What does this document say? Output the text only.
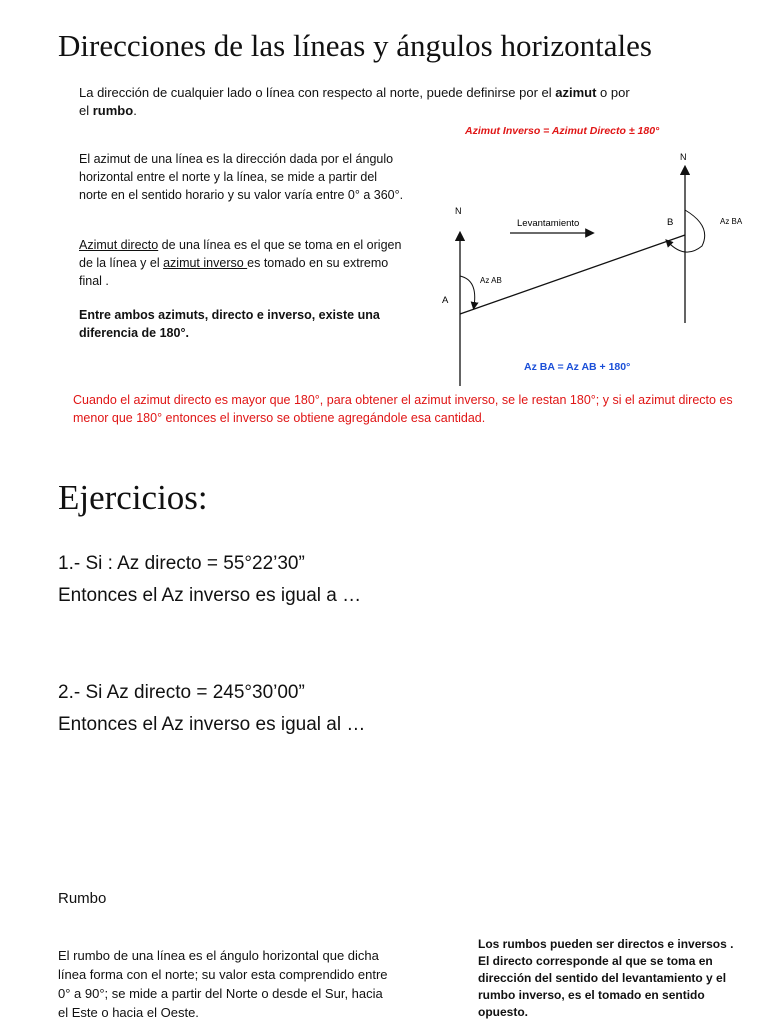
Direcciones de las líneas y ángulos horizontales
La dirección de cualquier lado o línea con respecto al norte, puede definirse por el azimut o por el rumbo.
El azimut de una línea es la dirección dada por el ángulo horizontal entre el norte y la línea, se mide a partir del norte en el sentido horario y su valor varía entre 0° a 360°.
Azimut directo de una línea es el que se toma en el origen de la línea y el azimut inverso es tomado en su extremo final .
Entre ambos azimuts, directo e inverso, existe una diferencia de 180°.
Azimut Inverso = Azimut Directo ± 180°
N
N
A
B
Levantamiento
Az AB
Az BA
Az BA = Az AB + 180°
Cuando el azimut directo es mayor que 180°, para obtener el azimut inverso, se le restan 180°; y si el azimut directo es menor que 180° entonces el inverso se obtiene agregándole esa cantidad.
Ejercicios:
1.- Si : Az directo = 55°22’30”
Entonces el Az inverso es igual a …
2.- Si Az directo = 245°30’00”
Entonces el Az inverso es igual al …
Rumbo
El rumbo de una línea es el ángulo horizontal que dicha línea forma con el norte; su valor esta comprendido entre 0° a 90°; se mide a partir del Norte o desde el Sur, hacia el Este o hacia el Oeste.
Los rumbos pueden ser directos e inversos . El directo corresponde al que se toma en dirección del sentido del levantamiento y el rumbo inverso, es el tomado en sentido opuesto.
